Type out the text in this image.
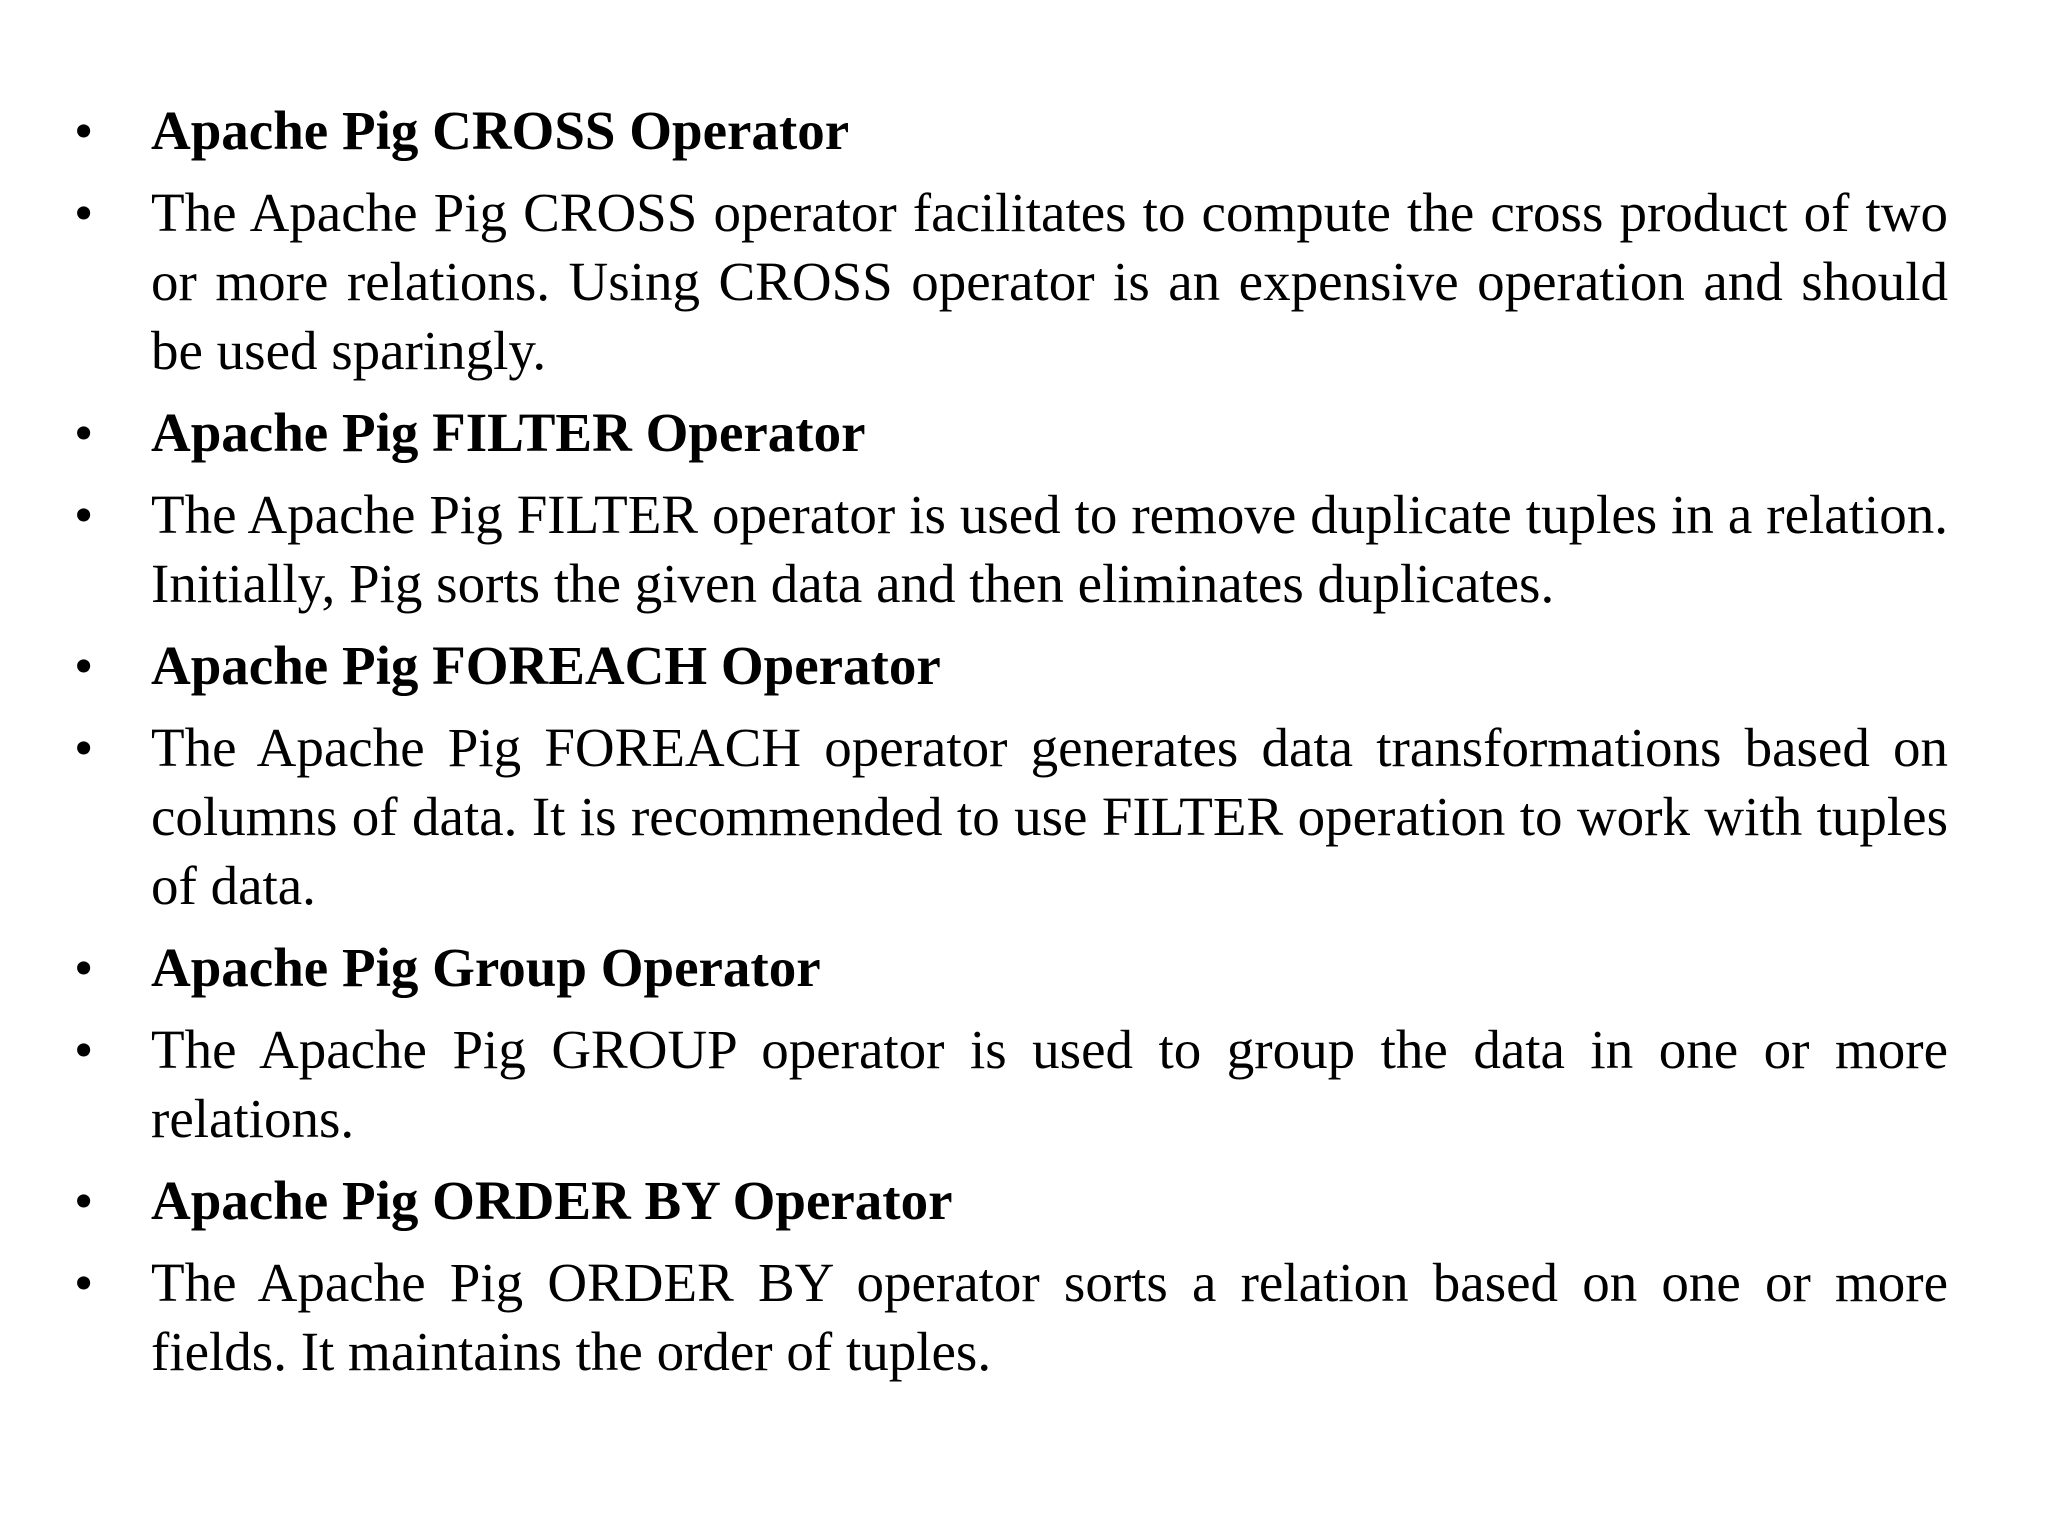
•	Apache Pig CROSS Operator
•	The Apache Pig CROSS operator facilitates to compute the cross product of two or more relations. Using CROSS operator is an expensive operation and should be used sparingly.
•	Apache Pig FILTER Operator
•	The Apache Pig FILTER operator is used to remove duplicate tuples in a relation. Initially, Pig sorts the given data and then eliminates duplicates.
•	Apache Pig FOREACH Operator
•	The Apache Pig FOREACH operator generates data transformations based on columns of data. It is recommended to use FILTER operation to work with tuples of data.
•	Apache Pig Group Operator
•	The Apache Pig GROUP operator is used to group the data in one or more relations.
•	Apache Pig ORDER BY Operator
•	The Apache Pig ORDER BY operator sorts a relation based on one or more fields. It maintains the order of tuples.
